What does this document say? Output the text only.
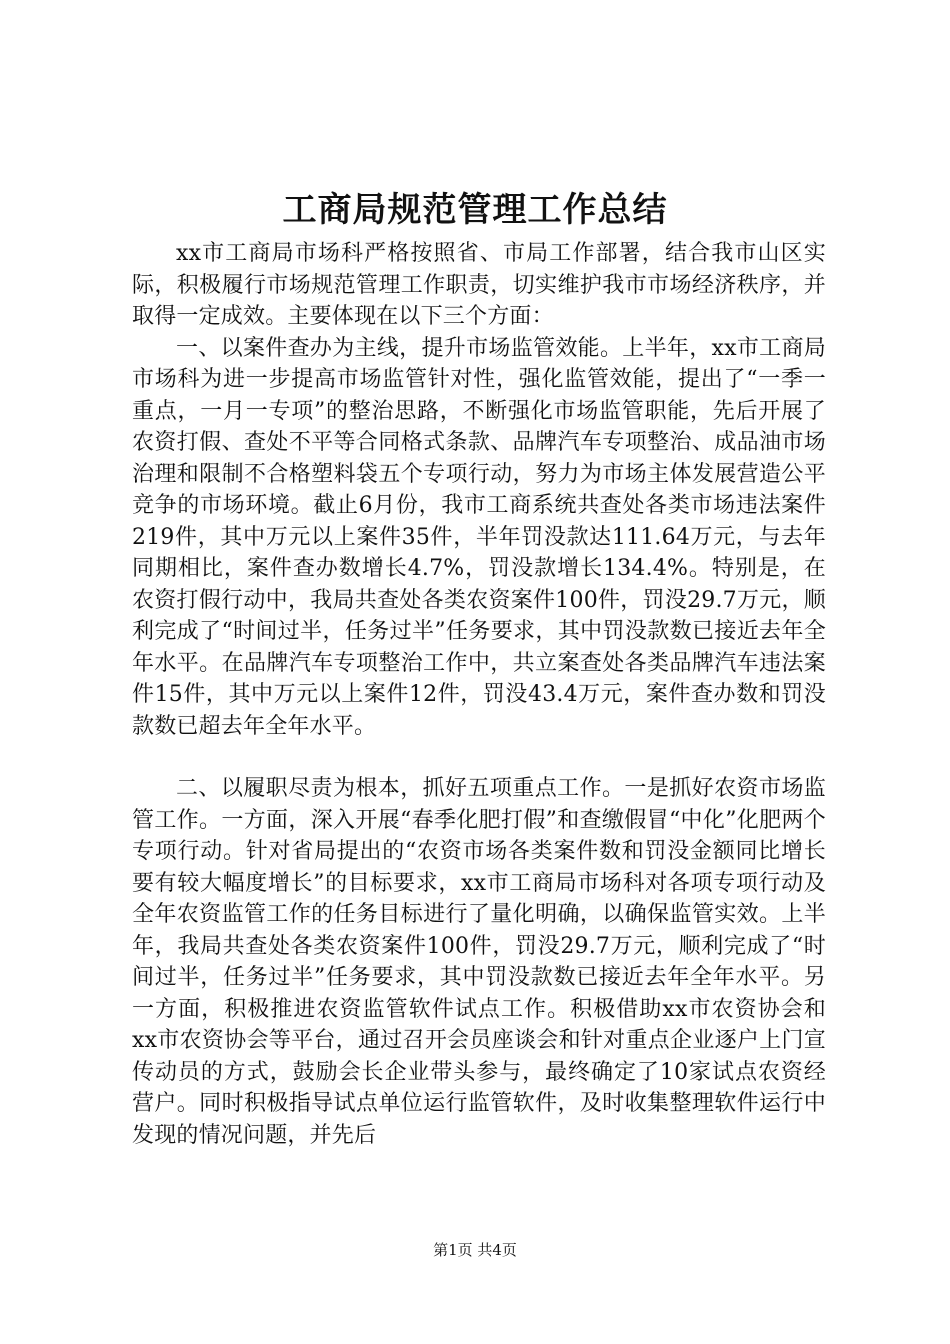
工商局规范管理工作总结

xx市工商局市场科严格按照省、市局工作部署，结合我市山区实际，积极履行市场规范管理工作职责，切实维护我市市场经济秩序，并取得一定成效。主要体现在以下三个方面：

一、以案件查办为主线，提升市场监管效能。上半年，xx市工商局市场科为进一步提高市场监管针对性，强化监管效能，提出了“一季一重点，一月一专项”的整治思路，不断强化市场监管职能，先后开展了农资打假、查处不平等合同格式条款、品牌汽车专项整治、成品油市场治理和限制不合格塑料袋五个专项行动，努力为市场主体发展营造公平竞争的市场环境。截止6月份，我市工商系统共查处各类市场违法案件219件，其中万元以上案件35件，半年罚没款达111.64万元，与去年同期相比，案件查办数增长4.7%，罚没款增长134.4%。特别是，在农资打假行动中，我局共查处各类农资案件100件，罚没29.7万元，顺利完成了“时间过半，任务过半”任务要求，其中罚没款数已接近去年全年水平。在品牌汽车专项整治工作中，共立案查处各类品牌汽车违法案件15件，其中万元以上案件12件，罚没43.4万元，案件查办数和罚没款数已超去年全年水平。

二、以履职尽责为根本，抓好五项重点工作。一是抓好农资市场监管工作。一方面，深入开展“春季化肥打假”和查缴假冒“中化”化肥两个专项行动。针对省局提出的“农资市场各类案件数和罚没金额同比增长要有较大幅度增长”的目标要求，xx市工商局市场科对各项专项行动及全年农资监管工作的任务目标进行了量化明确，以确保监管实效。上半年，我局共查处各类农资案件100件，罚没29.7万元，顺利完成了“时间过半，任务过半”任务要求，其中罚没款数已接近去年全年水平。另一方面，积极推进农资监管软件试点工作。积极借助xx市农资协会和xx市农资协会等平台，通过召开会员座谈会和针对重点企业逐户上门宣传动员的方式，鼓励会长企业带头参与，最终确定了10家试点农资经营户。同时积极指导试点单位运行监管软件，及时收集整理软件运行中发现的情况问题，并先后

第1页 共4页
